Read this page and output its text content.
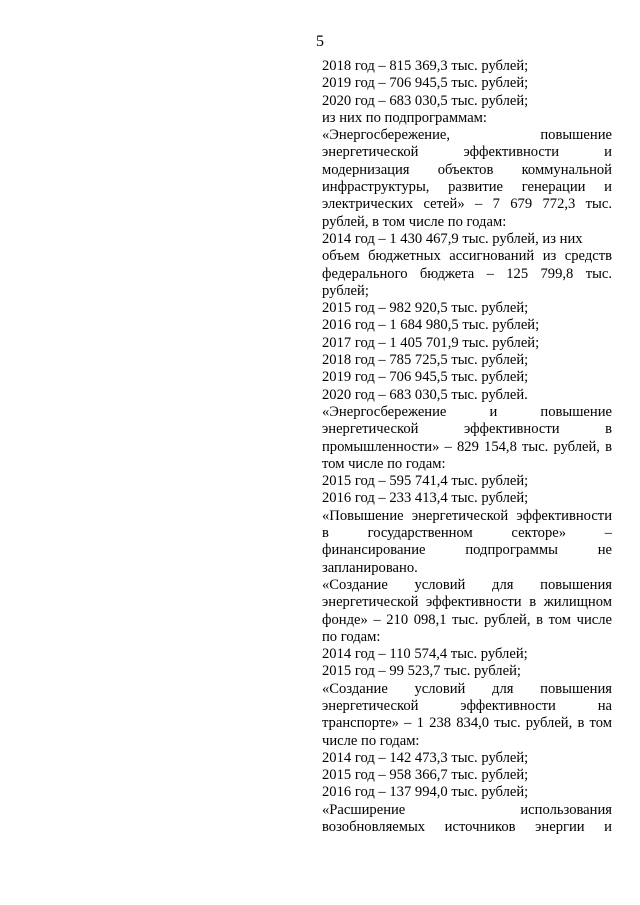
5
2018 год – 815 369,3 тыс. рублей;
2019 год – 706 945,5 тыс. рублей;
2020 год – 683 030,5 тыс. рублей;
из них по подпрограммам:
«Энергосбережение, повышение
энергетической эффективности и
модернизация объектов коммунальной
инфраструктуры, развитие генерации и
электрических сетей» – 7 679 772,3 тыс.
рублей, в том числе по годам:
2014 год – 1 430 467,9 тыс. рублей, из них
объем бюджетных ассигнований из средств
федерального бюджета – 125 799,8 тыс.
рублей;
2015 год – 982 920,5 тыс. рублей;
2016 год – 1 684 980,5 тыс. рублей;
2017 год – 1 405 701,9 тыс. рублей;
2018 год – 785 725,5 тыс. рублей;
2019 год – 706 945,5 тыс. рублей;
2020 год – 683 030,5 тыс. рублей.
«Энергосбережение и повышение
энергетической эффективности в
промышленности» – 829 154,8 тыс. рублей, в
том числе по годам:
2015 год – 595 741,4 тыс. рублей;
2016 год – 233 413,4 тыс. рублей;
«Повышение энергетической эффективности
в государственном секторе» –
финансирование подпрограммы не
запланировано.
«Создание условий для повышения
энергетической эффективности в жилищном
фонде» – 210 098,1 тыс. рублей, в том числе
по годам:
2014 год – 110 574,4 тыс. рублей;
2015 год – 99 523,7 тыс. рублей;
«Создание условий для повышения
энергетической эффективности на
транспорте» – 1 238 834,0 тыс. рублей, в том
числе по годам:
2014 год – 142 473,3 тыс. рублей;
2015 год – 958 366,7 тыс. рублей;
2016 год – 137 994,0 тыс. рублей;
«Расширение использования
возобновляемых источников энергии и
